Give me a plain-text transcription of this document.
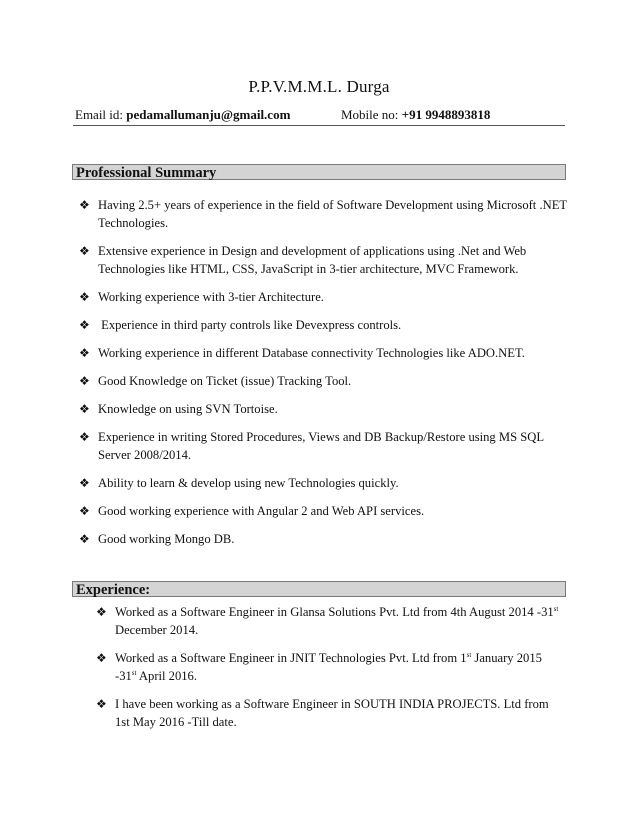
P.P.V.M.M.L. Durga
Email id: pedamallumanju@gmail.com	Mobile no: +91 9948893818
Professional Summary
❖ Having 2.5+ years of experience in the field of Software Development using Microsoft .NET Technologies.
❖ Extensive experience in Design and development of applications using .Net and Web Technologies like HTML, CSS, JavaScript in 3-tier architecture, MVC Framework.
❖ Working experience with 3-tier Architecture.
❖ Experience in third party controls like Devexpress controls.
❖ Working experience in different Database connectivity Technologies like ADO.NET.
❖ Good Knowledge on Ticket (issue) Tracking Tool.
❖ Knowledge on using SVN Tortoise.
❖ Experience in writing Stored Procedures, Views and DB Backup/Restore using MS SQL Server 2008/2014.
❖ Ability to learn & develop using new Technologies quickly.
❖ Good working experience with Angular 2 and Web API services.
❖ Good working Mongo DB.
Experience:
❖ Worked as a Software Engineer in Glansa Solutions Pvt. Ltd from 4th August 2014 -31st
December 2014.
❖ Worked as a Software Engineer in JNIT Technologies Pvt. Ltd from 1st January 2015
-31st April 2016.
❖ I have been working as a Software Engineer in SOUTH INDIA PROJECTS. Ltd from 1st May 2016 -Till date.
